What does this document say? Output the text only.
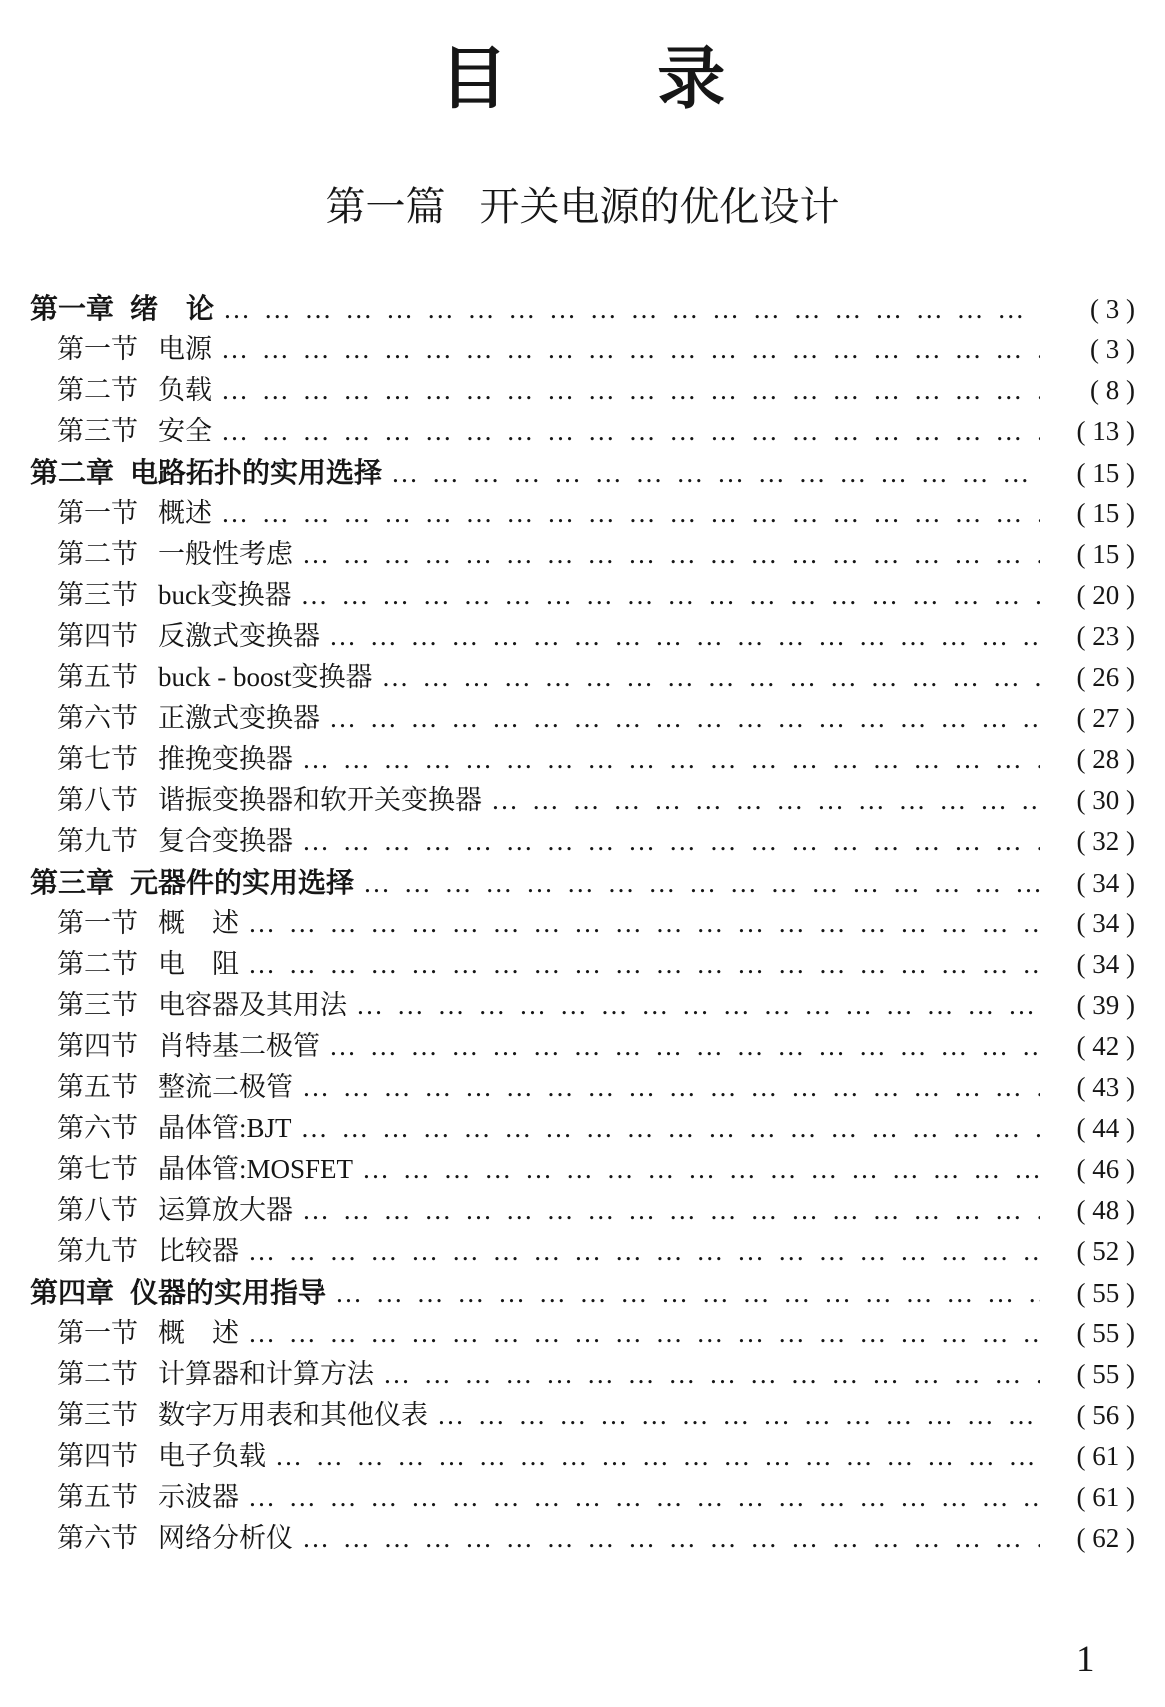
目录
第一篇 开关电源的优化设计
第一章 绪　论 … … … … … … … … … … … … … … … … … … … … … … … … … … … … … … … … … … … … … … … … … … … … … … … … … …	( 3 )
第一节 电源 … … … … … … … … … … … … … … … … … … … … … … … … … … … … … … … … … … … … … … … … … … … … … … … … … …	( 3 )
第二节 负载 … … … … … … … … … … … … … … … … … … … … … … … … … … … … … … … … … … … … … … … … … … … … … … … … … …	( 8 )
第三节 安全 … … … … … … … … … … … … … … … … … … … … … … … … … … … … … … … … … … … … … … … … … … … … … … … … … …	( 13 )
第二章 电路拓扑的实用选择 … … … … … … … … … … … … … … … … … … … … … … … … … … … … … … … … … … … … … … … … … … … … … … … … … …	( 15 )
第一节 概述 … … … … … … … … … … … … … … … … … … … … … … … … … … … … … … … … … … … … … … … … … … … … … … … … … …	( 15 )
第二节 一般性考虑 … … … … … … … … … … … … … … … … … … … … … … … … … … … … … … … … … … … … … … … … … … … … … … … … … …	( 15 )
第三节 buck变换器 … … … … … … … … … … … … … … … … … … … … … … … … … … … … … … … … … … … … … … … … … … … … … … … … … …	( 20 )
第四节 反激式变换器 … … … … … … … … … … … … … … … … … … … … … … … … … … … … … … … … … … … … … … … … … … … … … … … … … …	( 23 )
第五节 buck - boost变换器 … … … … … … … … … … … … … … … … … … … … … … … … … … … … … … … … … … … … … … … … … … … … … … … … … …	( 26 )
第六节 正激式变换器 … … … … … … … … … … … … … … … … … … … … … … … … … … … … … … … … … … … … … … … … … … … … … … … … … …	( 27 )
第七节 推挽变换器 … … … … … … … … … … … … … … … … … … … … … … … … … … … … … … … … … … … … … … … … … … … … … … … … … …	( 28 )
第八节 谐振变换器和软开关变换器 … … … … … … … … … … … … … … … … … … … … … … … … … … … … … … … … … … … … … … … … … … … … … … … … … …	( 30 )
第九节 复合变换器 … … … … … … … … … … … … … … … … … … … … … … … … … … … … … … … … … … … … … … … … … … … … … … … … … …	( 32 )
第三章 元器件的实用选择 … … … … … … … … … … … … … … … … … … … … … … … … … … … … … … … … … … … … … … … … … … … … … … … … … …	( 34 )
第一节 概　述 … … … … … … … … … … … … … … … … … … … … … … … … … … … … … … … … … … … … … … … … … … … … … … … … … …	( 34 )
第二节 电　阻 … … … … … … … … … … … … … … … … … … … … … … … … … … … … … … … … … … … … … … … … … … … … … … … … … …	( 34 )
第三节 电容器及其用法 … … … … … … … … … … … … … … … … … … … … … … … … … … … … … … … … … … … … … … … … … … … … … … … … … …	( 39 )
第四节 肖特基二极管 … … … … … … … … … … … … … … … … … … … … … … … … … … … … … … … … … … … … … … … … … … … … … … … … … …	( 42 )
第五节 整流二极管 … … … … … … … … … … … … … … … … … … … … … … … … … … … … … … … … … … … … … … … … … … … … … … … … … …	( 43 )
第六节 晶体管:BJT … … … … … … … … … … … … … … … … … … … … … … … … … … … … … … … … … … … … … … … … … … … … … … … … … …	( 44 )
第七节 晶体管:MOSFET … … … … … … … … … … … … … … … … … … … … … … … … … … … … … … … … … … … … … … … … … … … … … … … … … …	( 46 )
第八节 运算放大器 … … … … … … … … … … … … … … … … … … … … … … … … … … … … … … … … … … … … … … … … … … … … … … … … … …	( 48 )
第九节 比较器 … … … … … … … … … … … … … … … … … … … … … … … … … … … … … … … … … … … … … … … … … … … … … … … … … …	( 52 )
第四章 仪器的实用指导 … … … … … … … … … … … … … … … … … … … … … … … … … … … … … … … … … … … … … … … … … … … … … … … … … …	( 55 )
第一节 概　述 … … … … … … … … … … … … … … … … … … … … … … … … … … … … … … … … … … … … … … … … … … … … … … … … … …	( 55 )
第二节 计算器和计算方法 … … … … … … … … … … … … … … … … … … … … … … … … … … … … … … … … … … … … … … … … … … … … … … … … … …	( 55 )
第三节 数字万用表和其他仪表 … … … … … … … … … … … … … … … … … … … … … … … … … … … … … … … … … … … … … … … … … … … … … … … … … …	( 56 )
第四节 电子负载 … … … … … … … … … … … … … … … … … … … … … … … … … … … … … … … … … … … … … … … … … … … … … … … … … …	( 61 )
第五节 示波器 … … … … … … … … … … … … … … … … … … … … … … … … … … … … … … … … … … … … … … … … … … … … … … … … … …	( 61 )
第六节 网络分析仪 … … … … … … … … … … … … … … … … … … … … … … … … … … … … … … … … … … … … … … … … … … … … … … … … … …	( 62 )
1
